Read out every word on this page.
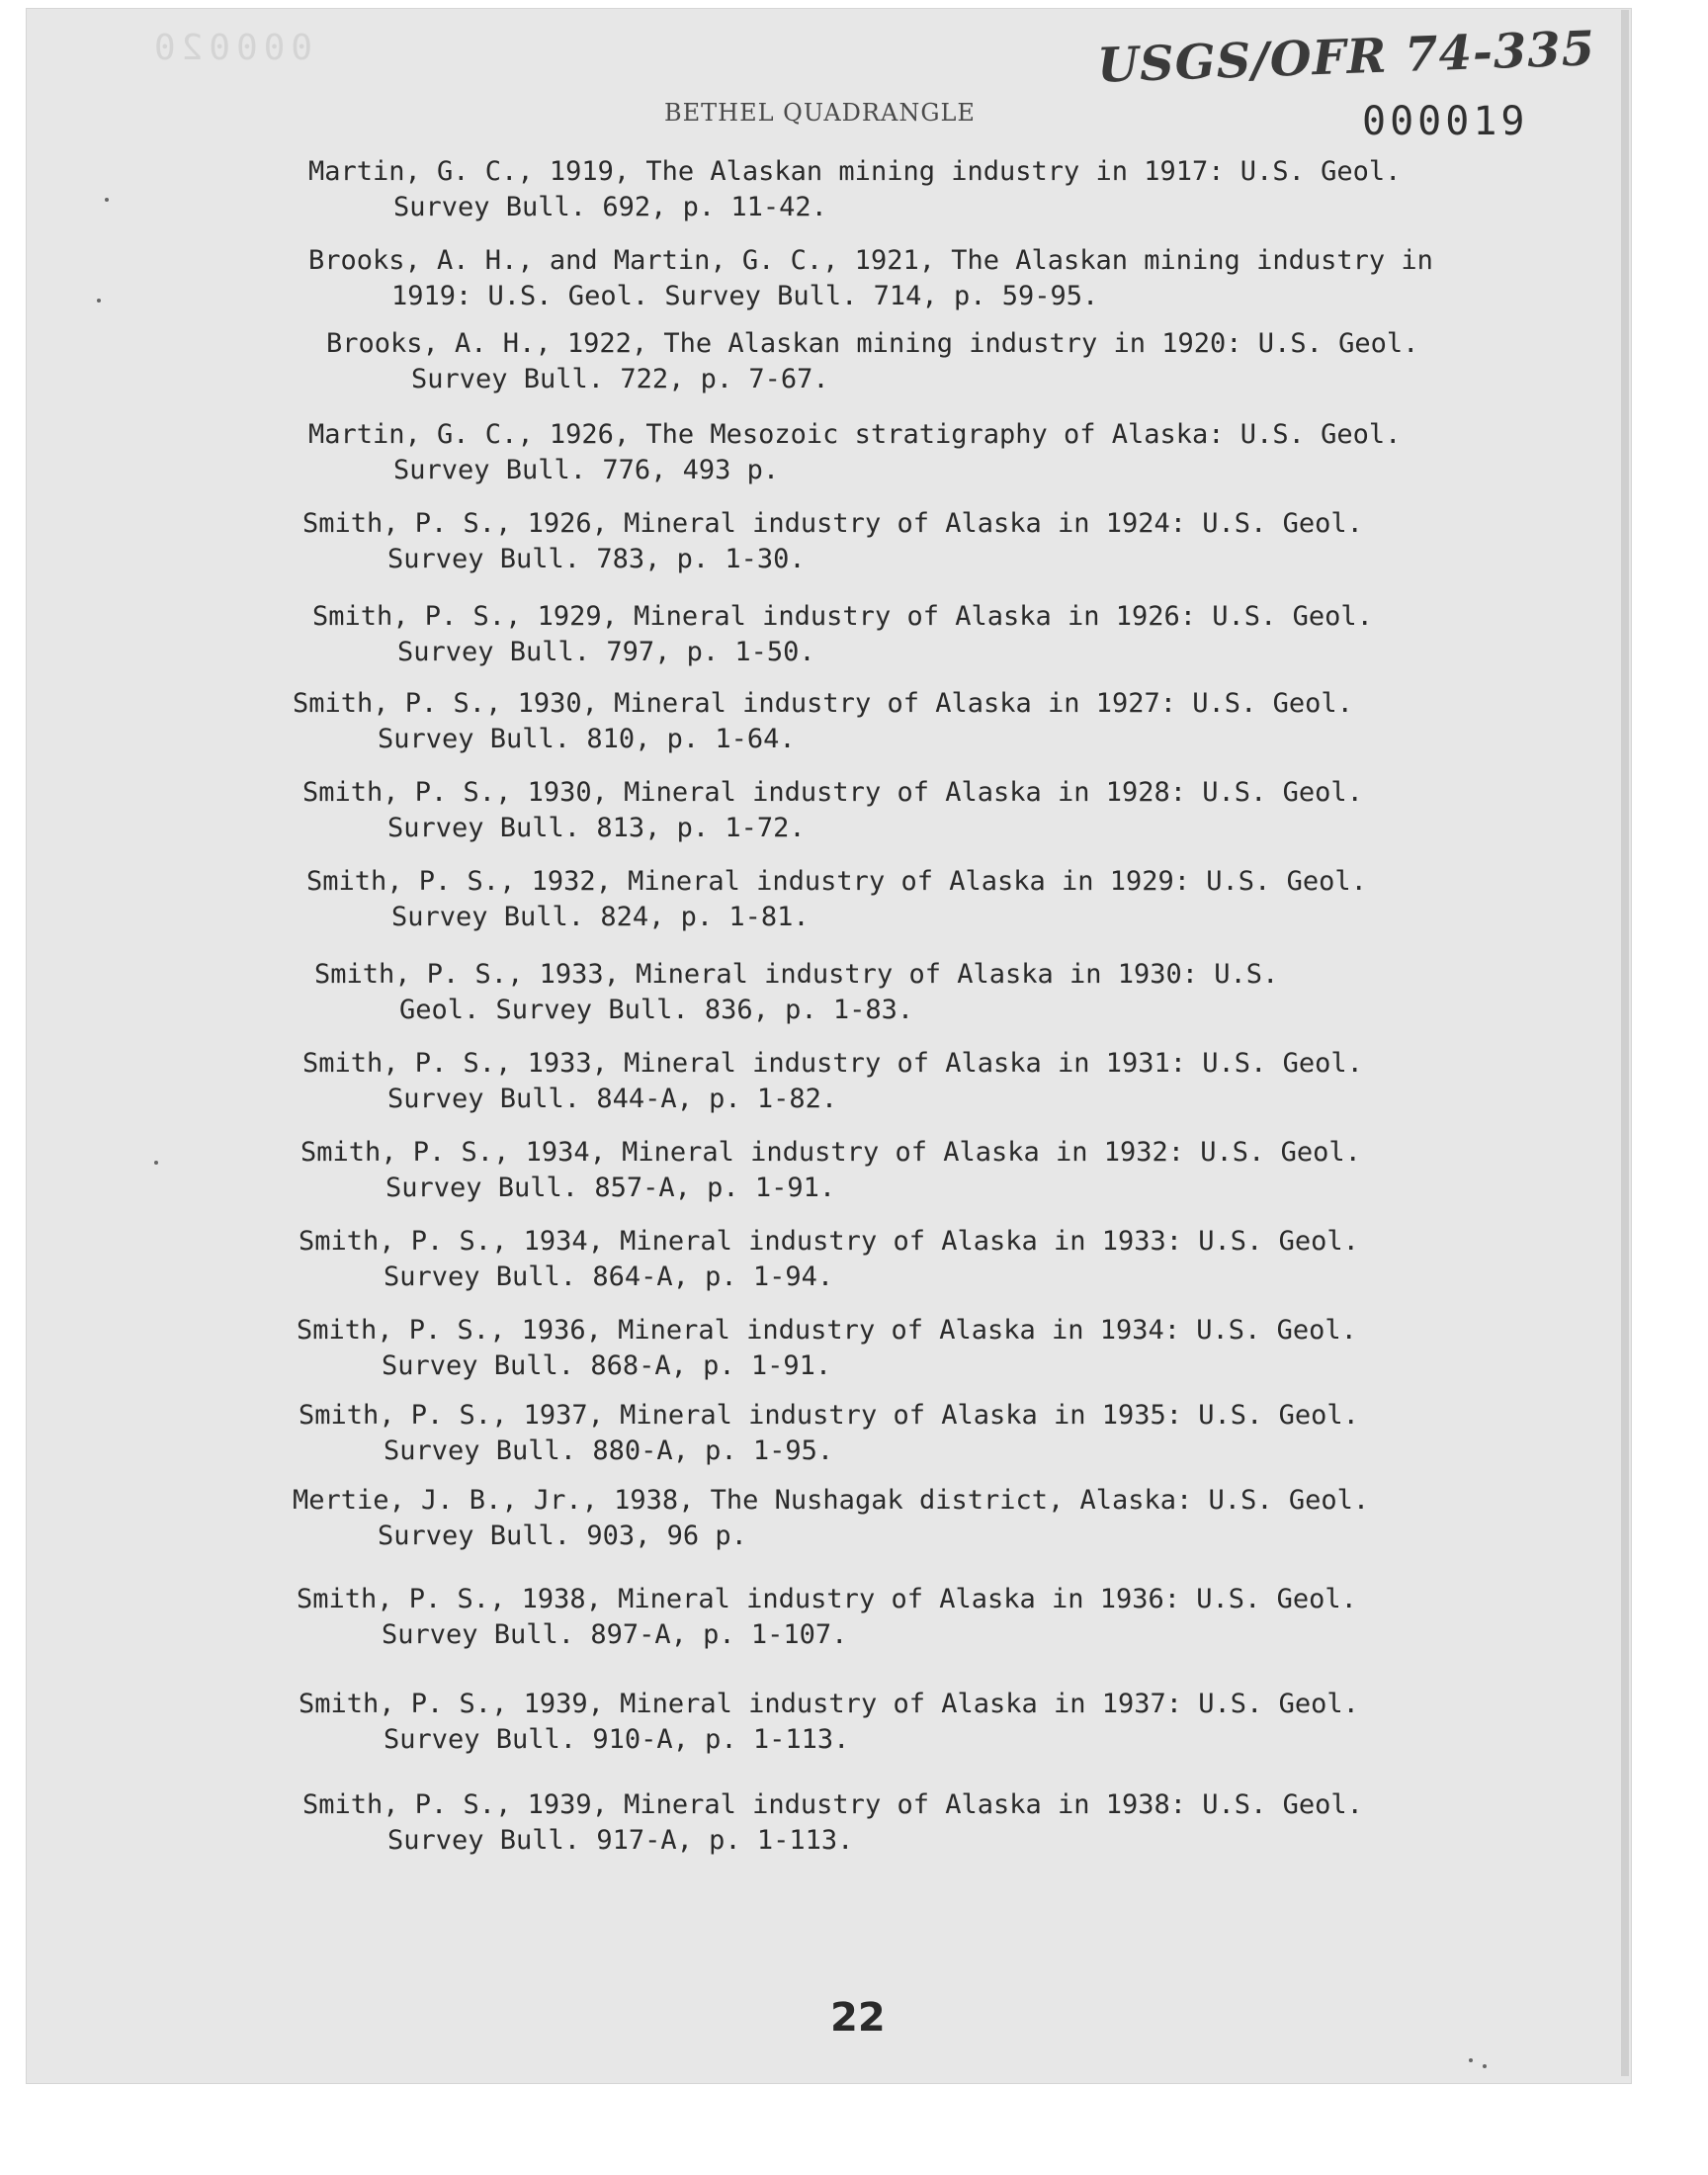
000020	USGS/OFR 74-335
000019
BETHEL QUADRANGLE
Martin, G. C., 1919, The Alaskan mining industry in 1917: U.S. Geol.
Survey Bull. 692, p. 11-42.
Brooks, A. H., and Martin, G. C., 1921, The Alaskan mining industry in
1919: U.S. Geol. Survey Bull. 714, p. 59-95.
Brooks, A. H., 1922, The Alaskan mining industry in 1920: U.S. Geol.
Survey Bull. 722, p. 7-67.
Martin, G. C., 1926, The Mesozoic stratigraphy of Alaska: U.S. Geol.
Survey Bull. 776, 493 p.
Smith, P. S., 1926, Mineral industry of Alaska in 1924: U.S. Geol.
Survey Bull. 783, p. 1-30.
Smith, P. S., 1929, Mineral industry of Alaska in 1926: U.S. Geol.
Survey Bull. 797, p. 1-50.
Smith, P. S., 1930, Mineral industry of Alaska in 1927: U.S. Geol.
Survey Bull. 810, p. 1-64.
Smith, P. S., 1930, Mineral industry of Alaska in 1928: U.S. Geol.
Survey Bull. 813, p. 1-72.
Smith, P. S., 1932, Mineral industry of Alaska in 1929: U.S. Geol.
Survey Bull. 824, p. 1-81.
Smith, P. S., 1933, Mineral industry of Alaska in 1930: U.S.
Geol. Survey Bull. 836, p. 1-83.
Smith, P. S., 1933, Mineral industry of Alaska in 1931: U.S. Geol.
Survey Bull. 844-A, p. 1-82.
Smith, P. S., 1934, Mineral industry of Alaska in 1932: U.S. Geol.
Survey Bull. 857-A, p. 1-91.
Smith, P. S., 1934, Mineral industry of Alaska in 1933: U.S. Geol.
Survey Bull. 864-A, p. 1-94.
Smith, P. S., 1936, Mineral industry of Alaska in 1934: U.S. Geol.
Survey Bull. 868-A, p. 1-91.
Smith, P. S., 1937, Mineral industry of Alaska in 1935: U.S. Geol.
Survey Bull. 880-A, p. 1-95.
Mertie, J. B., Jr., 1938, The Nushagak district, Alaska: U.S. Geol.
Survey Bull. 903, 96 p.
Smith, P. S., 1938, Mineral industry of Alaska in 1936: U.S. Geol.
Survey Bull. 897-A, p. 1-107.
Smith, P. S., 1939, Mineral industry of Alaska in 1937: U.S. Geol.
Survey Bull. 910-A, p. 1-113.
Smith, P. S., 1939, Mineral industry of Alaska in 1938: U.S. Geol.
Survey Bull. 917-A, p. 1-113.
22
